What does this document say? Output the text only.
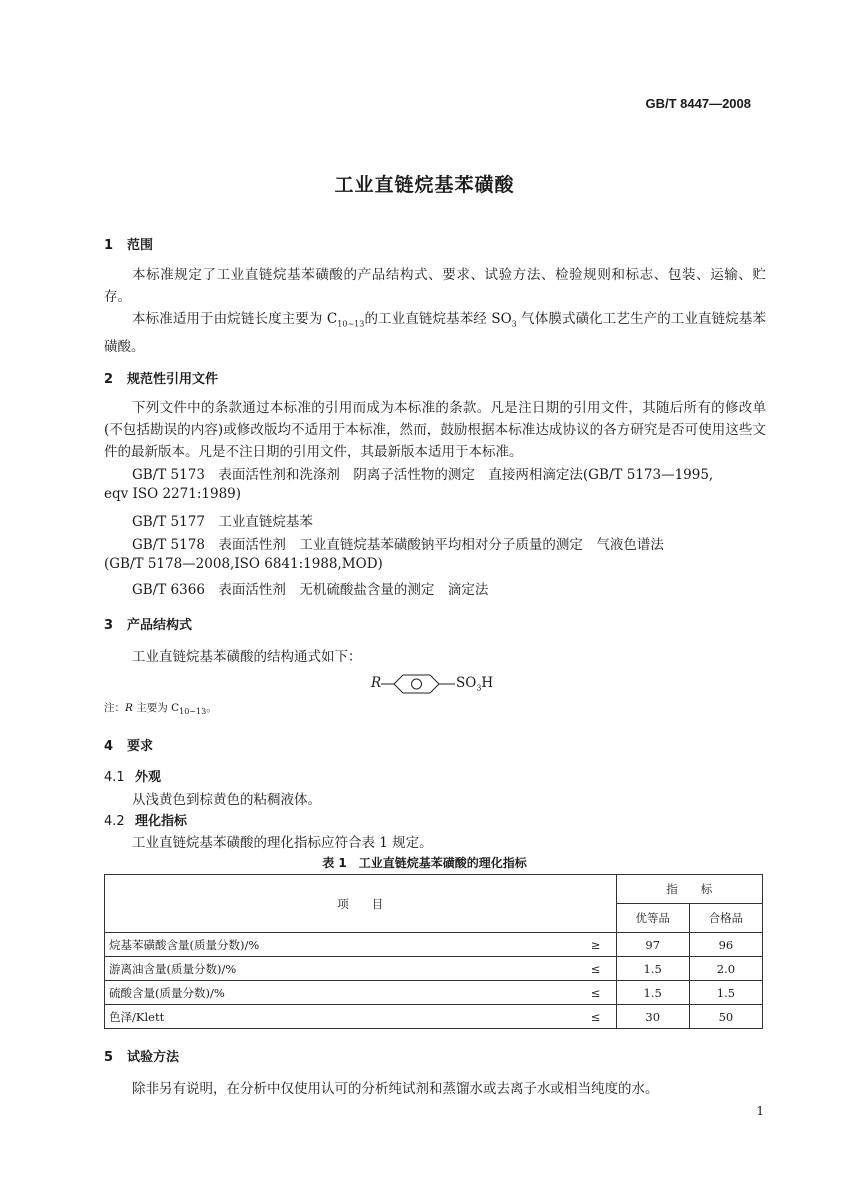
GB/T 8447—2008
工业直链烷基苯磺酸
1 范围
本标准规定了工业直链烷基苯磺酸的产品结构式、要求、试验方法、检验规则和标志、包装、运输、贮存。
本标准适用于由烷链长度主要为 $C_{10\sim 13}$的工业直链烷基苯经 $SO_3$ 气体膜式磺化工艺生产的工业直链烷基苯磺酸。
2 规范性引用文件
下列文件中的条款通过本标准的引用而成为本标准的条款。凡是注日期的引用文件，其随后所有的修改单(不包括勘误的内容)或修改版均不适用于本标准，然而，鼓励根据本标准达成协议的各方研究是否可使用这些文件的最新版本。凡是不注日期的引用文件，其最新版本适用于本标准。
GB/T 5173　表面活性剂和洗涤剂　阴离子活性物的测定　直接两相滴定法(GB/T 5173—1995,
eqv ISO 2271:1989)
GB/T 5177　工业直链烷基苯
GB/T 5178　表面活性剂　工业直链烷基苯磺酸钠平均相对分子质量的测定　气液色谱法
(GB/T 5178—2008,ISO 6841:1988,MOD)
GB/T 6366　表面活性剂　无机硫酸盐含量的测定　滴定法
3 产品结构式
工业直链烷基苯磺酸的结构通式如下：
R	$SO_3H$
注：R 主要为 $C_{10\sim 13}$。
4 要求
4.1 外观
从浅黄色到棕黄色的粘稠液体。
4.2 理化指标
工业直链烷基苯磺酸的理化指标应符合表 1 规定。
表 1　工业直链烷基苯磺酸的理化指标
项　　目		指　　标	
		优等品	合格品
烷基苯磺酸含量(质量分数)/%	≥	97	96
游离油含量(质量分数)/%	≤	1.5	2.0
硫酸含量(质量分数)/%	≤	1.5	1.5
色泽/Klett	≤	30	50
5 试验方法
除非另有说明，在分析中仅使用认可的分析纯试剂和蒸馏水或去离子水或相当纯度的水。
1
